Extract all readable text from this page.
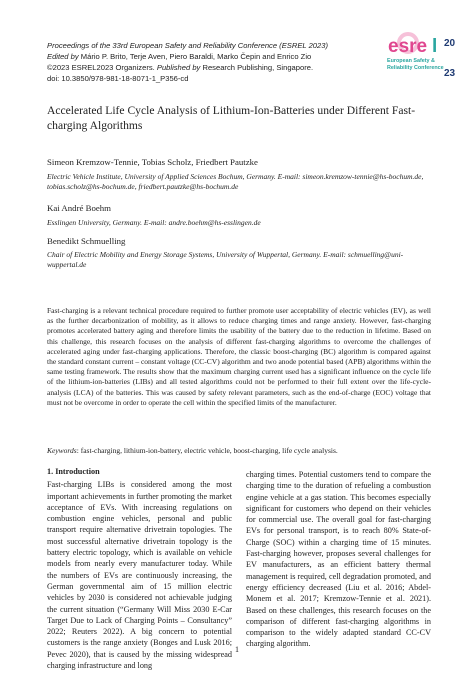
Proceedings of the 33rd European Safety and Reliability Conference (ESREL 2023)
Edited by Mário P. Brito, Terje Aven, Piero Baraldi, Marko Čepin and Enrico Zio
©2023 ESREL2023 Organizers. Published by Research Publishing, Singapore.
doi: 10.3850/978-981-18-8071-1_P356-cd
esre l 20
23
European Safety &
Reliability Conference
Accelerated Life Cycle Analysis of Lithium-Ion-Batteries under Different Fast-charging Algorithms
Simeon Kremzow-Tennie, Tobias Scholz, Friedbert Pautzke
Electric Vehicle Institute, University of Applied Sciences Bochum, Germany. E-mail: simeon.kremzow-tennie@hs-bochum.de, tobias.scholz@hs-bochum.de, friedbert.pautzke@hs-bochum.de
Kai André Boehm
Esslingen University, Germany. E-mail: andre.boehm@hs-esslingen.de
Benedikt Schmuelling
Chair of Electric Mobility and Energy Storage Systems, University of Wuppertal, Germany. E-mail: schmuelling@uni-wuppertal.de

Fast-charging is a relevant technical procedure required to further promote user acceptability of electric vehicles (EV), as well as the further decarbonization of mobility, as it allows to reduce charging times and range anxiety. However, fast-charging promotes accelerated battery aging and therefore limits the usability of the battery due to the reduction in lifetime. Based on this challenge, this research focuses on the analysis of different fast-charging algorithms to overcome the challenges of accelerated aging under fast-charging applications. Therefore, the classic boost-charging (BC) algorithm is compared against the standard constant current – constant voltage (CC-CV) algorithm and two anode potential based (APB) algorithms within the same testing framework. The results show that the maximum charging current used has a significant influence on the cycle life of the lithium-ion-batteries (LIBs) and all tested algorithms could not be performed to their full extent over the life-cycle-analysis (LCA) of the batteries. This was caused by safety relevant parameters, such as the end-of-charge (EOC) voltage that must not be overcome in order to operate the cell within the specified limits of the manufacturer.

Keywords: fast-charging, lithium-ion-battery, electric vehicle, boost-charging, life cycle analysis.
1. Introduction

Fast-charging LIBs is considered among the most important achievements in further promoting the market acceptance of EVs. With increasing regulations on combustion engine vehicles, personal and public transport require alternative drivetrain topologies. The most successful alternative drivetrain topology is the battery electric topology, which is available on vehicle models from nearly every manufacturer today. While the numbers of EVs are continuously increasing, the German governmental aim of 15 million electric vehicles by 2030 is considered not achievable judging the current situation (“Germany Will Miss 2030 E-Car Target Due to Lack of Charging Points – Consultancy” 2022; Reuters 2022). A big concern to potential customers is the range anxiety (Bonges and Lusk 2016; Pevec 2020), that is caused by the missing widespread charging infrastructure and long

charging times. Potential customers tend to compare the charging time to the duration of refueling a combustion engine vehicle at a gas station. This becomes especially significant for customers who depend on their vehicles for commercial use. The overall goal for fast-charging EVs for personal transport, is to reach 80% State-of-Charge (SOC) within a charging time of 15 minutes. Fast-charging however, proposes several challenges for EV manufacturers, as an efficient battery thermal management is required, cell degradation promoted, and energy efficiency decreased (Liu et al. 2016; Abdel-Monem et al. 2017; Kremzow-Tennie et al. 2021). Based on these challenges, this research focuses on the comparison of different fast-charging algorithms in comparison to the widely adapted standard CC-CV charging algorithm.

1
